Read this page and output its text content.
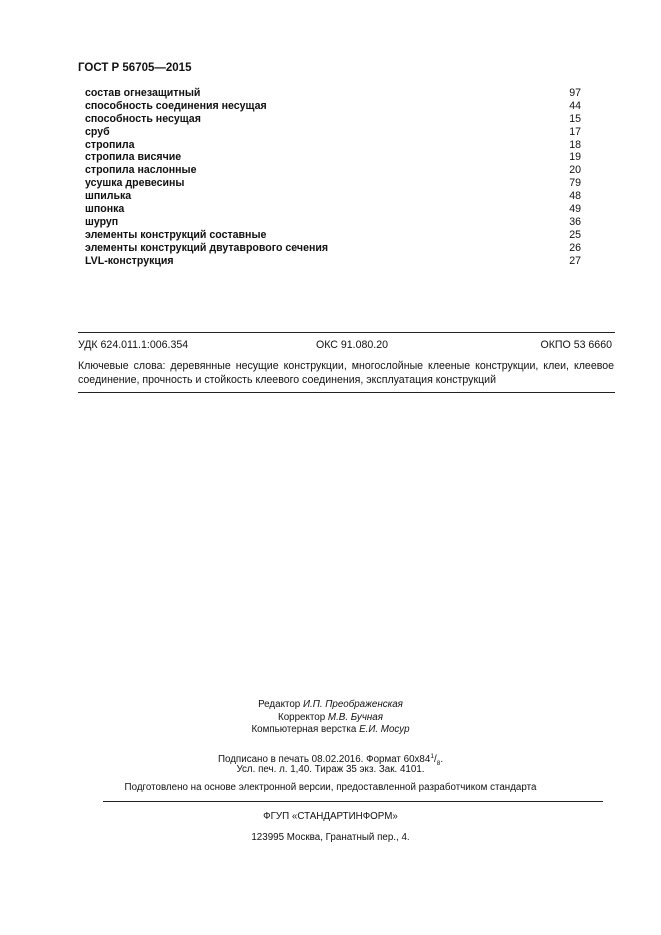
ГОСТ Р 56705—2015
состав огнезащитный	97
способность соединения несущая	44
способность несущая	15
сруб	17
стропила	18
стропила висячие	19
стропила наслонные	20
усушка древесины	79
шпилька	48
шпонка	49
шуруп	36
элементы конструкций составные	25
элементы конструкций двутаврового сечения	26
LVL-конструкция	27
УДК 624.011.1:006.354	ОКС 91.080.20	ОКПО 53 6660
Ключевые слова: деревянные несущие конструкции, многослойные клееные конструкции, клеи, клеевое соединение, прочность и стойкость клеевого соединения, эксплуатация конструкций
Редактор И.П. Преображенская
Корректор М.В. Бучная
Компьютерная верстка Е.И. Мосур
Подписано в печать 08.02.2016. Формат $60x84^1/_8$.
Усл. печ. л. 1,40. Тираж 35 экз. Зак. 4101.
Подготовлено на основе электронной версии, предоставленной разработчиком стандарта
ФГУП «СТАНДАРТИНФОРМ»
123995 Москва, Гранатный пер., 4.
